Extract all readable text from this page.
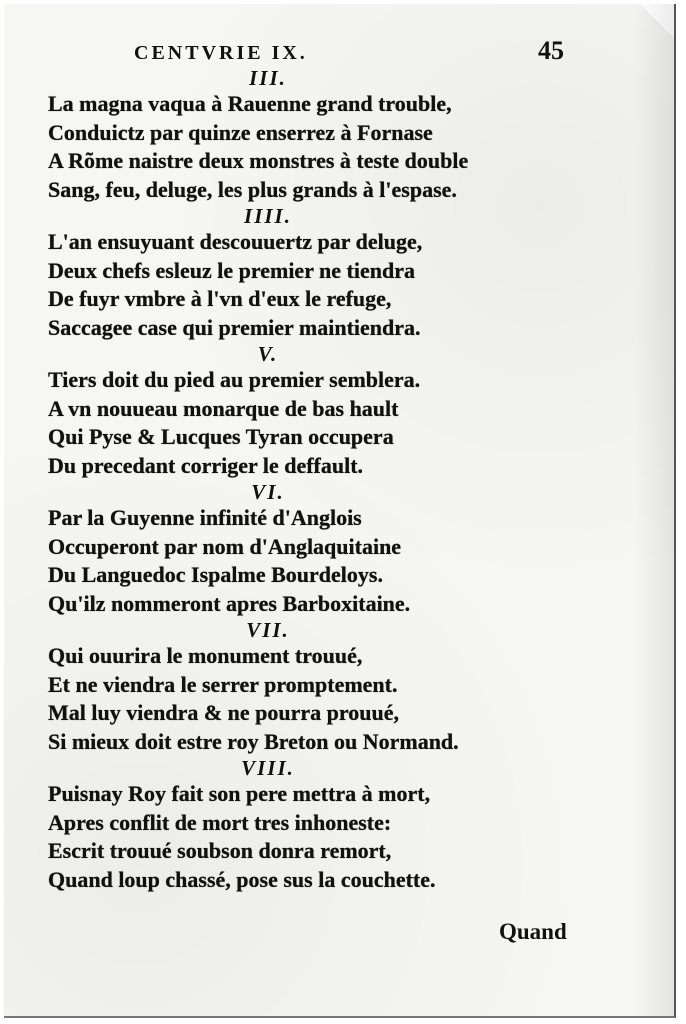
CENTVRIE IX.	45
III.
La magna vaqua à Rauenne grand trouble,
Conduictz par quinze enserrez à Fornase
A Rõme naistre deux monstres à teste double
Sang, feu, deluge, les plus grands à l'espase.
IIII.
L'an ensuyuant descouuertz par deluge,
Deux chefs esleuz le premier ne tiendra
De fuyr vmbre à l'vn d'eux le refuge,
Saccagee case qui premier maintiendra.
V.
Tiers doit du pied au premier semblera.
A vn nouueau monarque de bas hault
Qui Pyse & Lucques Tyran occupera
Du precedant corriger le deffault.
VI.
Par la Guyenne infinité d'Anglois
Occuperont par nom d'Anglaquitaine
Du Languedoc Ispalme Bourdeloys.
Qu'ilz nommeront apres Barboxitaine.
VII.
Qui ouurira le monument trouué,
Et ne viendra le serrer promptement.
Mal luy viendra & ne pourra prouué,
Si mieux doit estre roy Breton ou Normand.
VIII.
Puisnay Roy fait son pere mettra à mort,
Apres conflit de mort tres inhoneste:
Escrit trouué soubson donra remort,
Quand loup chassé, pose sus la couchette.
Quand
